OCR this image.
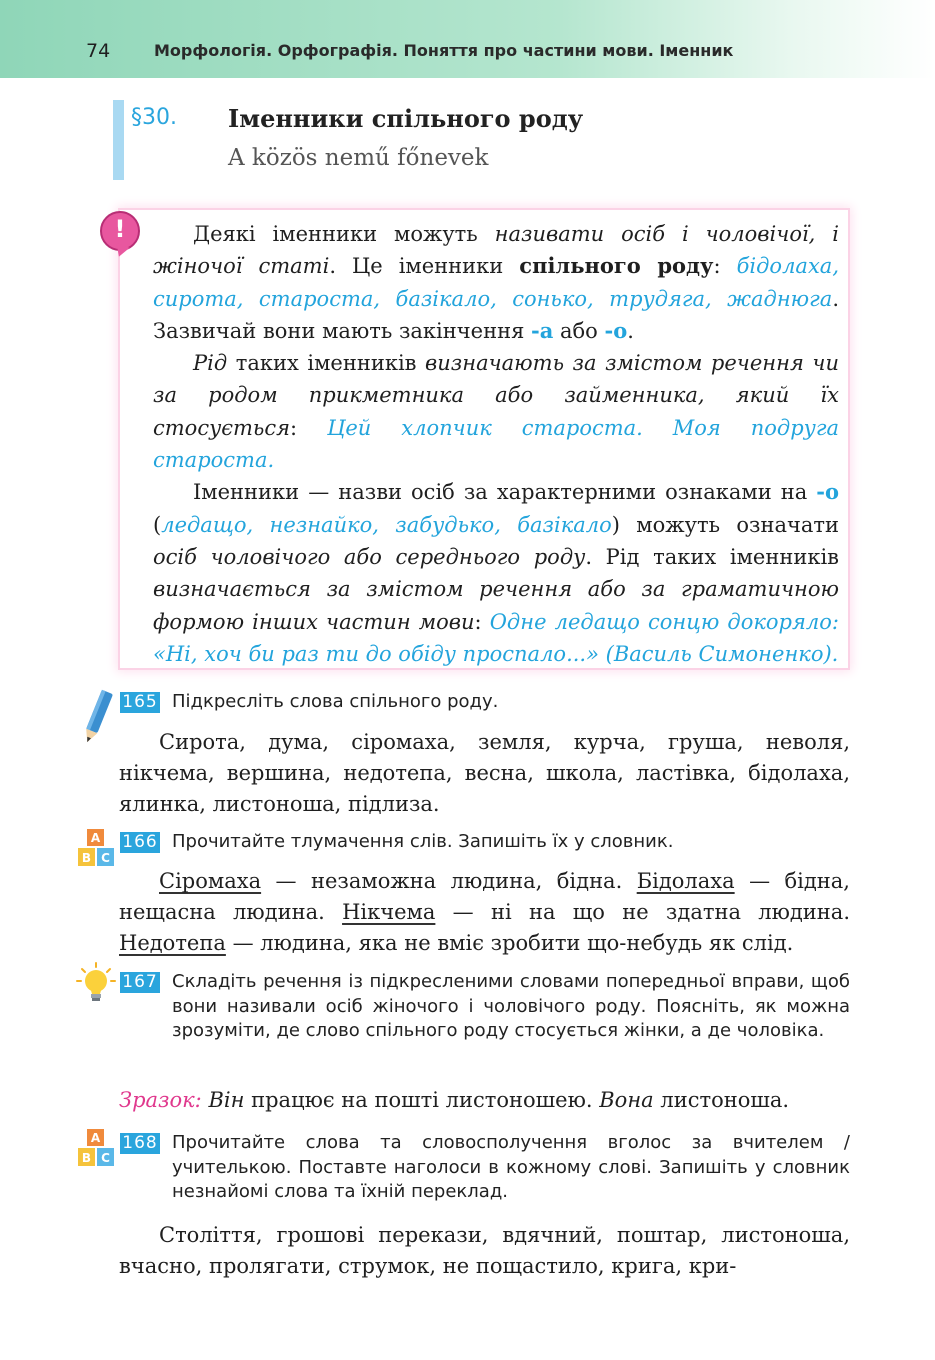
74	Морфологія. Орфографія. Поняття про частини мови. Іменник
§30. Іменники спільного роду
A közös nemű főnevek
!

Деякі іменники можуть називати осіб і чоловічої, і жіночої статі. Це іменники спільного роду: бідолаха, сирота, староста, базікало, сонько, трудяга, жаднюга. Зазвичай вони мають закінчення -а або -о.

Рід таких іменників визначають за змістом речення чи за родом прикметника або займенника, який їх стосується: Цей хлопчик староста. Моя подруга староста.

Іменники — назви осіб за характерними ознаками на -о (ледащо, незнайко, забудько, базікало) можуть означати осіб чоловічого або середнього роду. Рід таких іменників визначається за змістом речення або за граматичною формою інших частин мови: Одне ледащо сонцю докоряло: «Ні, хоч би раз ти до обіду проспало...» (Василь Симоненко).

165 Підкресліть слова спільного роду.

Сирота, дума, сіромаха, земля, курча, груша, неволя, нікчема, вершина, недотепа, весна, школа, ластівка, бідолаха, ялинка, листоноша, підлиза.

A
B C
166 Прочитайте тлумачення слів. Запишіть їх у словник.

Сіромаха — незаможна людина, бідна. Бідолаха — бідна, нещасна людина. Нікчема — ні на що не здатна людина. Недотепа — людина, яка не вміє зробити що-небудь як слід.

167 Складіть речення із підкресленими словами попередньої вправи, щоб вони називали осіб жіночого і чоловічого роду. Поясніть, як можна зрозуміти, де слово спільного роду стосується жінки, а де чоловіка.

Зразок: Він працює на пошті листоношею. Вона листоноша.

A
B C
168 Прочитайте слова та словосполучення вголос за вчителем / учителькою. Поставте наголоси в кожному слові. Запишіть у словник незнайомі слова та їхній переклад.

Століття, грошові перекази, вдячний, поштар, листоноша, вчасно, пролягати, струмок, не пощастило, крига, кри-
